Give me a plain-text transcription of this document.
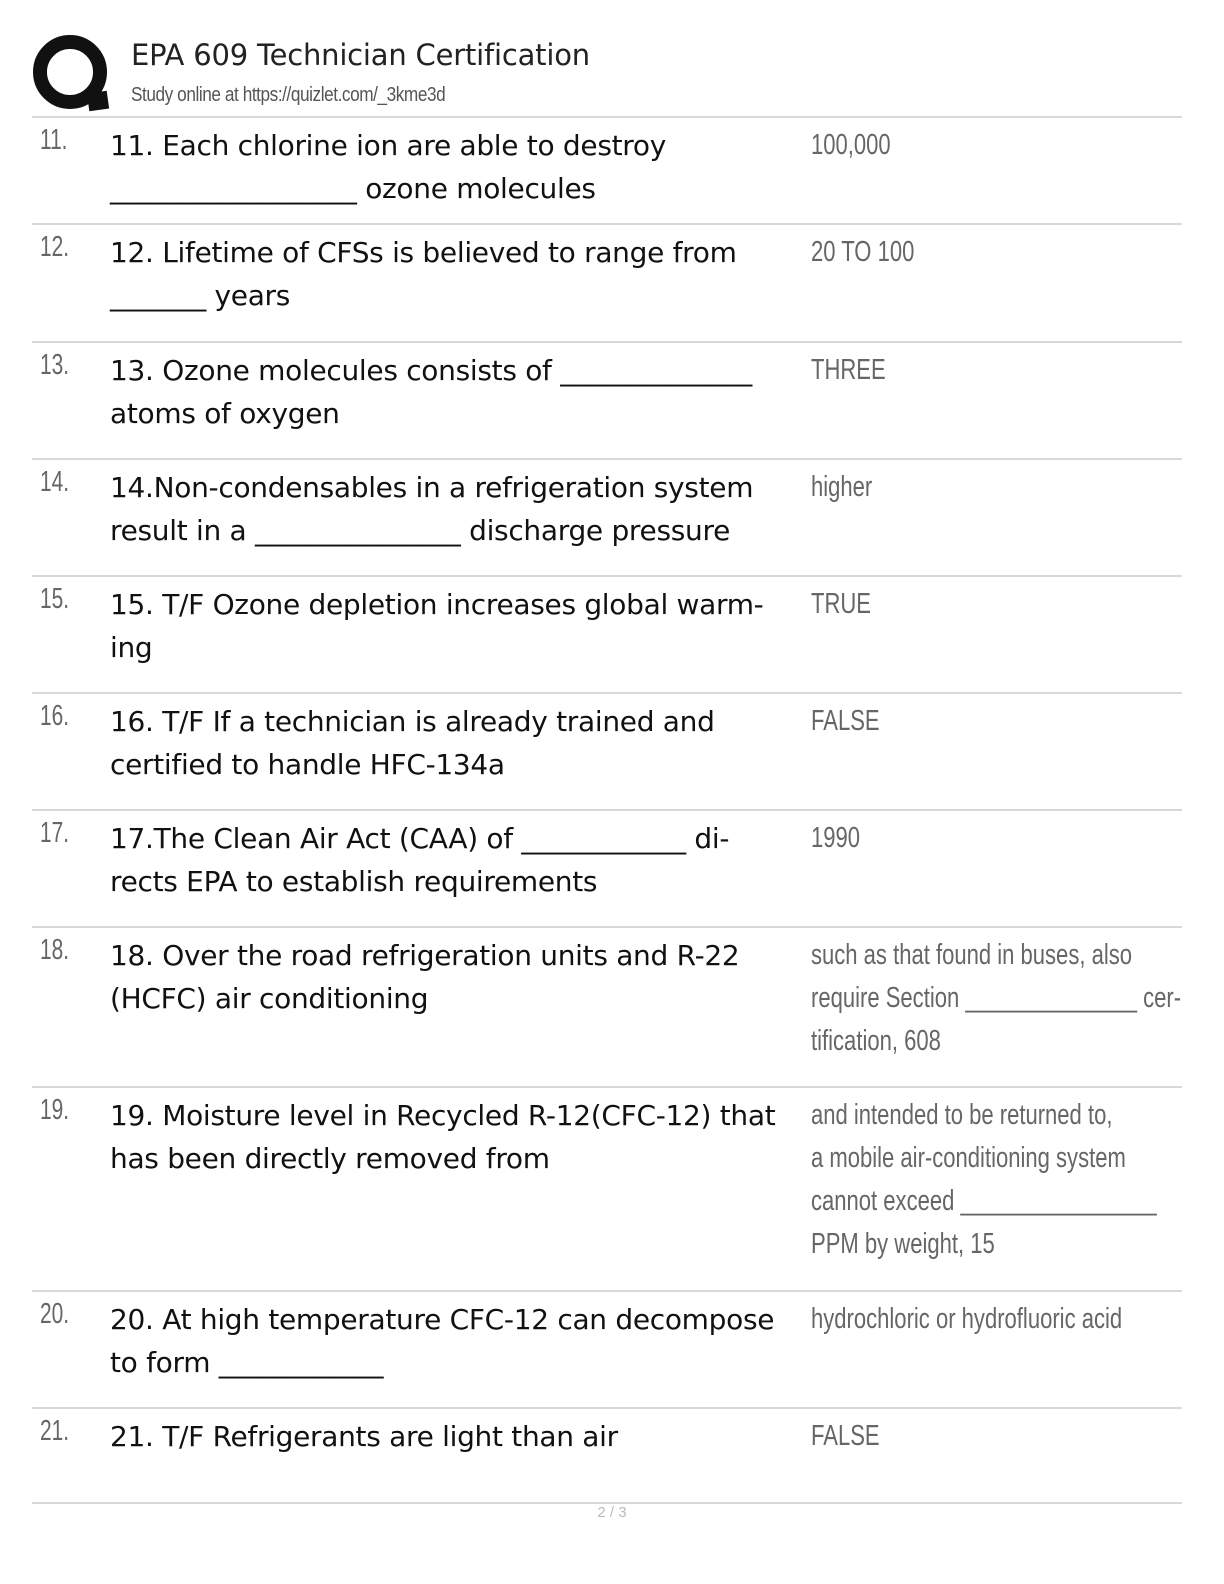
EPA 609 Technician Certification
Study online at https://quizlet.com/_3kme3d
11. 11. Each chlorine ion are able to destroy
__________________ ozone molecules
100,000
12. 12. Lifetime of CFSs is believed to range from
_______ years
20 TO 100
13. 13. Ozone molecules consists of ______________
atoms of oxygen
THREE
14. 14.Non-condensables in a refrigeration system
result in a _______________ discharge pressure
higher
15. 15. T/F Ozone depletion increases global warm-
ing
TRUE
16. 16. T/F If a technician is already trained and
certified to handle HFC-134a
FALSE
17. 17.The Clean Air Act (CAA) of ____________ di-
rects EPA to establish requirements
1990
18. 18. Over the road refrigeration units and R-22
(HCFC) air conditioning
such as that found in buses, also
require Section ______________ cer-
tification, 608
19. 19. Moisture level in Recycled R-12(CFC-12) that
has been directly removed from
and intended to be returned to,
a mobile air-conditioning system
cannot exceed ________________
PPM by weight, 15
20. 20. At high temperature CFC-12 can decompose
to form ____________
hydrochloric or hydrofluoric acid
21. 21. T/F Refrigerants are light than air	FALSE
2 / 3
